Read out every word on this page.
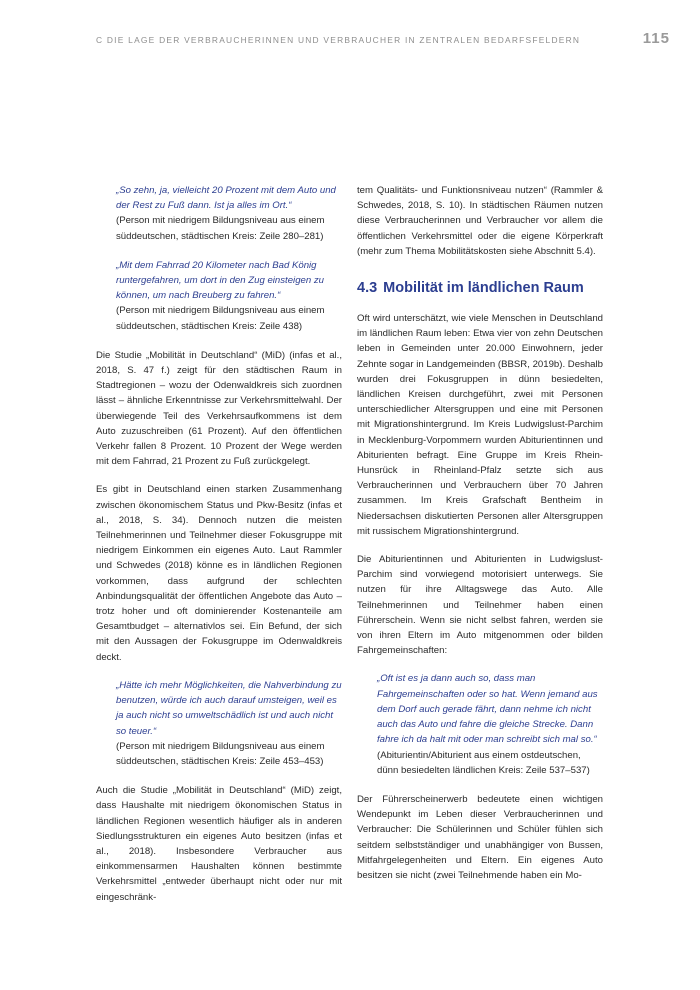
C DIE LAGE DER VERBRAUCHERINNEN UND VERBRAUCHER IN ZENTRALEN BEDARFSFELDERN	115
„So zehn, ja, vielleicht 20 Prozent mit dem Auto und der Rest zu Fuß dann. Ist ja alles im Ort.“
(Person mit niedrigem Bildungsniveau aus einem süddeutschen, städtischen Kreis: Zeile 280–281)
„Mit dem Fahrrad 20 Kilometer nach Bad König runtergefahren, um dort in den Zug einsteigen zu können, um nach Breuberg zu fahren.“
(Person mit niedrigem Bildungsniveau aus einem süddeutschen, städtischen Kreis: Zeile 438)

Die Studie „Mobilität in Deutschland“ (MiD) (infas et al., 2018, S. 47 f.) zeigt für den städtischen Raum in Stadtregionen – wozu der Odenwaldkreis sich zuordnen lässt – ähnliche Erkenntnisse zur Verkehrsmittelwahl. Der überwiegende Teil des Verkehrsaufkommens ist dem Auto zuzuschreiben (61 Prozent). Auf den öffentlichen Verkehr fallen 8 Prozent. 10 Prozent der Wege werden mit dem Fahrrad, 21 Prozent zu Fuß zurückgelegt.

Es gibt in Deutschland einen starken Zusammenhang zwischen ökonomischem Status und Pkw-Besitz (infas et al., 2018, S. 34). Dennoch nutzen die meisten Teilnehmerinnen und Teilnehmer dieser Fokusgruppe mit niedrigem Einkommen ein eigenes Auto. Laut Rammler und Schwedes (2018) könne es in ländlichen Regionen vorkommen, dass aufgrund der schlechten Anbindungsqualität der öffentlichen Angebote das Auto – trotz hoher und oft dominierender Kostenanteile am Gesamtbudget – alternativlos sei. Ein Befund, der sich mit den Aussagen der Fokusgruppe im Odenwaldkreis deckt.

„Hätte ich mehr Möglichkeiten, die Nahverbindung zu benutzen, würde ich auch darauf umsteigen, weil es ja auch nicht so umweltschädlich ist und auch nicht so teuer.“
(Person mit niedrigem Bildungsniveau aus einem süddeutschen, städtischen Kreis: Zeile 453–453)

Auch die Studie „Mobilität in Deutschland“ (MiD) zeigt, dass Haushalte mit niedrigem ökonomischen Status in ländlichen Regionen wesentlich häufiger als in anderen Siedlungsstrukturen ein eigenes Auto besitzen (infas et al., 2018). Insbesondere Verbraucher aus einkommensarmen Haushalten können bestimmte Verkehrsmittel „entweder überhaupt nicht oder nur mit eingeschränk-

tem Qualitäts- und Funktionsniveau nutzen“ (Rammler & Schwedes, 2018, S. 10). In städtischen Räumen nutzen diese Verbraucherinnen und Verbraucher vor allem die öffentlichen Verkehrsmittel oder die eigene Körperkraft (mehr zum Thema Mobilitätskosten siehe Abschnitt 5.4).

4.3 Mobilität im ländlichen Raum

Oft wird unterschätzt, wie viele Menschen in Deutschland im ländlichen Raum leben: Etwa vier von zehn Deutschen leben in Gemeinden unter 20.000 Einwohnern, jeder Zehnte sogar in Landgemeinden (BBSR, 2019b). Deshalb wurden drei Fokusgruppen in dünn besiedelten, ländlichen Kreisen durchgeführt, zwei mit Personen unterschiedlicher Altersgruppen und eine mit Personen mit Migrationshintergrund. Im Kreis Ludwigslust-Parchim in Mecklenburg-Vorpommern wurden Abiturientinnen und Abiturienten befragt. Eine Gruppe im Kreis Rhein-Hunsrück in Rheinland-Pfalz setzte sich aus Verbraucherinnen und Verbrauchern über 70 Jahren zusammen. Im Kreis Grafschaft Bentheim in Niedersachsen diskutierten Personen aller Altersgruppen mit russischem Migrationshintergrund.

Die Abiturientinnen und Abiturienten in Ludwigslust-Parchim sind vorwiegend motorisiert unterwegs. Sie nutzen für ihre Alltagswege das Auto. Alle Teilnehmerinnen und Teilnehmer haben einen Führerschein. Wenn sie nicht selbst fahren, werden sie von ihren Eltern im Auto mitgenommen oder bilden Fahrgemeinschaften:

„Oft ist es ja dann auch so, dass man Fahrgemeinschaften oder so hat. Wenn jemand aus dem Dorf auch gerade fährt, dann nehme ich nicht auch das Auto und fahre die gleiche Strecke. Dann fahre ich da halt mit oder man schreibt sich mal so.“
(Abiturientin/Abiturient aus einem ostdeutschen, dünn besiedelten ländlichen Kreis: Zeile 537–537)

Der Führerscheinerwerb bedeutete einen wichtigen Wendepunkt im Leben dieser Verbraucherinnen und Verbraucher: Die Schülerinnen und Schüler fühlen sich seitdem selbstständiger und unabhängiger von Bussen, Mitfahrgelegenheiten und Eltern. Ein eigenes Auto besitzen sie nicht (zwei Teilnehmende haben ein Mo-
